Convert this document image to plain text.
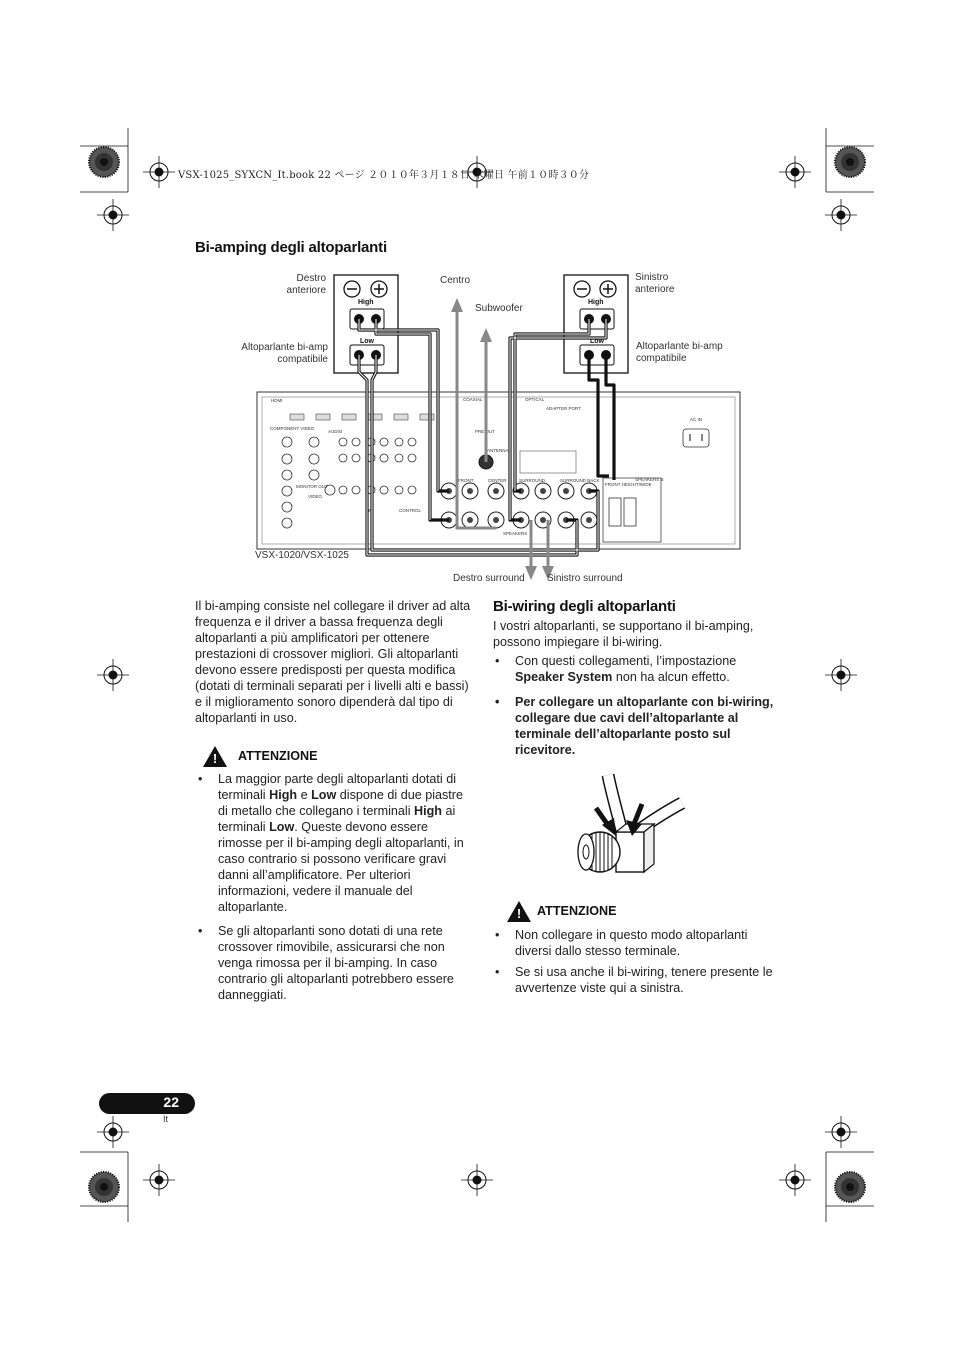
VSX-1025_SYXCN_It.book 22 ページ ２０１０年３月１８日 木曜日 午前１０時３０分
Bi-amping degli altoparlanti
HDMI	OPTICAL
COAXIAL
ADAPTER PORT
AC IN
COMPONENT VIDEO
AUDIO
MONITOR OUT
VIDEO
CONTROL
IR
PRE OUT
ANTENNA
FRONT	CENTER	SURROUND	SURROUND BACK
SPEAKERS
FRONT HEIGHT/WIDE
SPEAKERS B
High
Low
High
Low
Destro
anteriore
Sinistro
anteriore
Altoparlante bi-amp
compatibile
Altoparlante bi-amp
compatibile
Centro
Subwoofer
VSX-1020/VSX-1025
Destro surround Sinistro surround
Il bi-amping consiste nel collegare il driver ad alta frequenza e il driver a bassa frequenza degli altoparlanti a più amplificatori per ottenere prestazioni di crossover migliori. Gli altoparlanti devono essere predisposti per questa modifica (dotati di terminali separati per i livelli alti e bassi) e il miglioramento sonoro dipenderà dal tipo di altoparlanti in uso.
!	ATTENZIONE
• La maggior parte degli altoparlanti dotati di terminali High e Low dispone di due piastre di metallo che collegano i terminali High ai terminali Low. Queste devono essere rimosse per il bi-amping degli altoparlanti, in caso contrario si possono verificare gravi danni all’amplificatore. Per ulteriori informazioni, vedere il manuale del altoparlante.
• Se gli altoparlanti sono dotati di una rete crossover rimovibile, assicurarsi che non venga rimossa per il bi-amping. In caso contrario gli altoparlanti potrebbero essere danneggiati.
Bi-wiring degli altoparlanti
I vostri altoparlanti, se supportano il bi-amping, possono impiegare il bi-wiring.
• Con questi collegamenti, l’impostazione Speaker System non ha alcun effetto.
• Per collegare un altoparlante con bi-wiring, collegare due cavi dell’altoparlante al terminale dell’altoparlante posto sul ricevitore.
!	ATTENZIONE
• Non collegare in questo modo altoparlanti diversi dallo stesso terminale.
• Se si usa anche il bi-wiring, tenere presente le avvertenze viste qui a sinistra.
22
It
